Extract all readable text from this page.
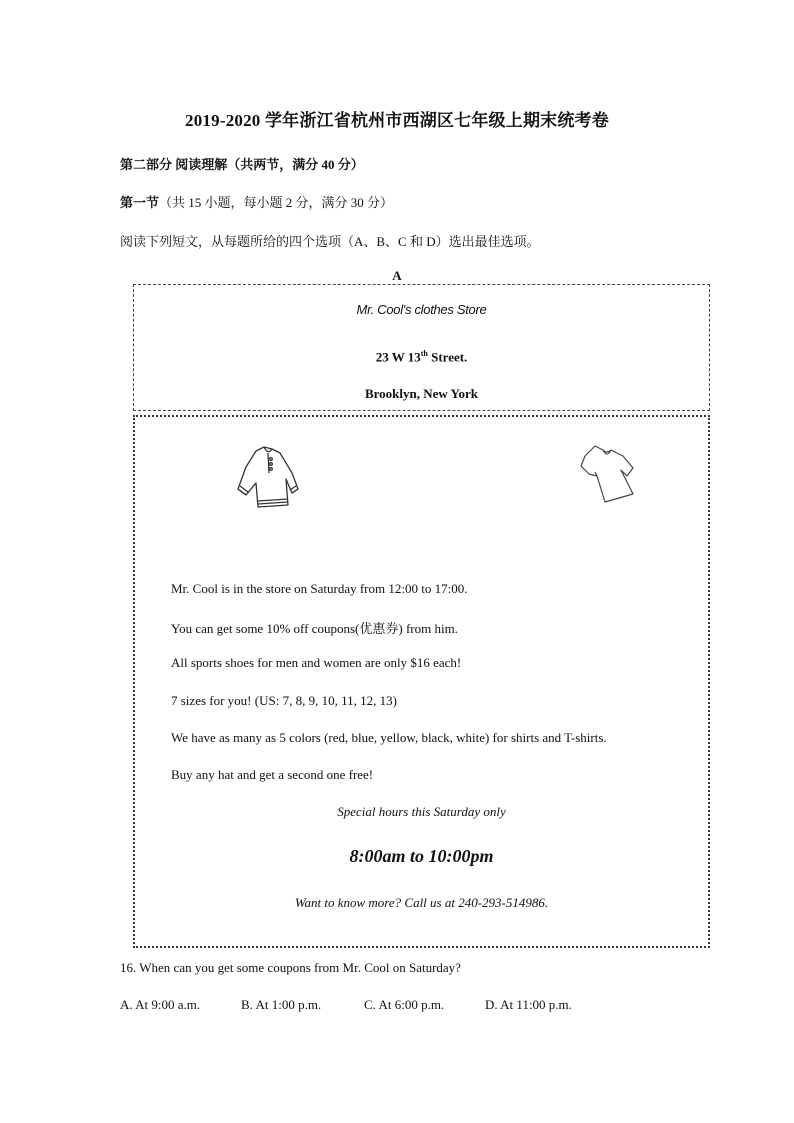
2019-2020 学年浙江省杭州市西湖区七年级上期末统考卷
第二部分 阅读理解（共两节，满分 40 分）
第一节（共 15 小题，每小题 2 分，满分 30 分）
阅读下列短文，从每题所给的四个选项（A、B、C 和 D）选出最佳选项。
A
Mr. Cool's clothes Store
23 W 13th Street.
Brooklyn, New York
Mr. Cool is in the store on Saturday from 12:00 to 17:00.
You can get some 10% off coupons(优惠券) from him.
All sports shoes for men and women are only $16 each!
7 sizes for you! (US: 7, 8, 9, 10, 11, 12, 13)
We have as many as 5 colors (red, blue, yellow, black, white) for shirts and T-shirts.
Buy any hat and get a second one free!
Special hours this Saturday only
8:00am to 10:00pm
Want to know more? Call us at 240-293-514986.
16. When can you get some coupons from Mr. Cool on Saturday?
A. At 9:00 a.m.	B. At 1:00 p.m.	C. At 6:00 p.m.	D. At 11:00 p.m.
